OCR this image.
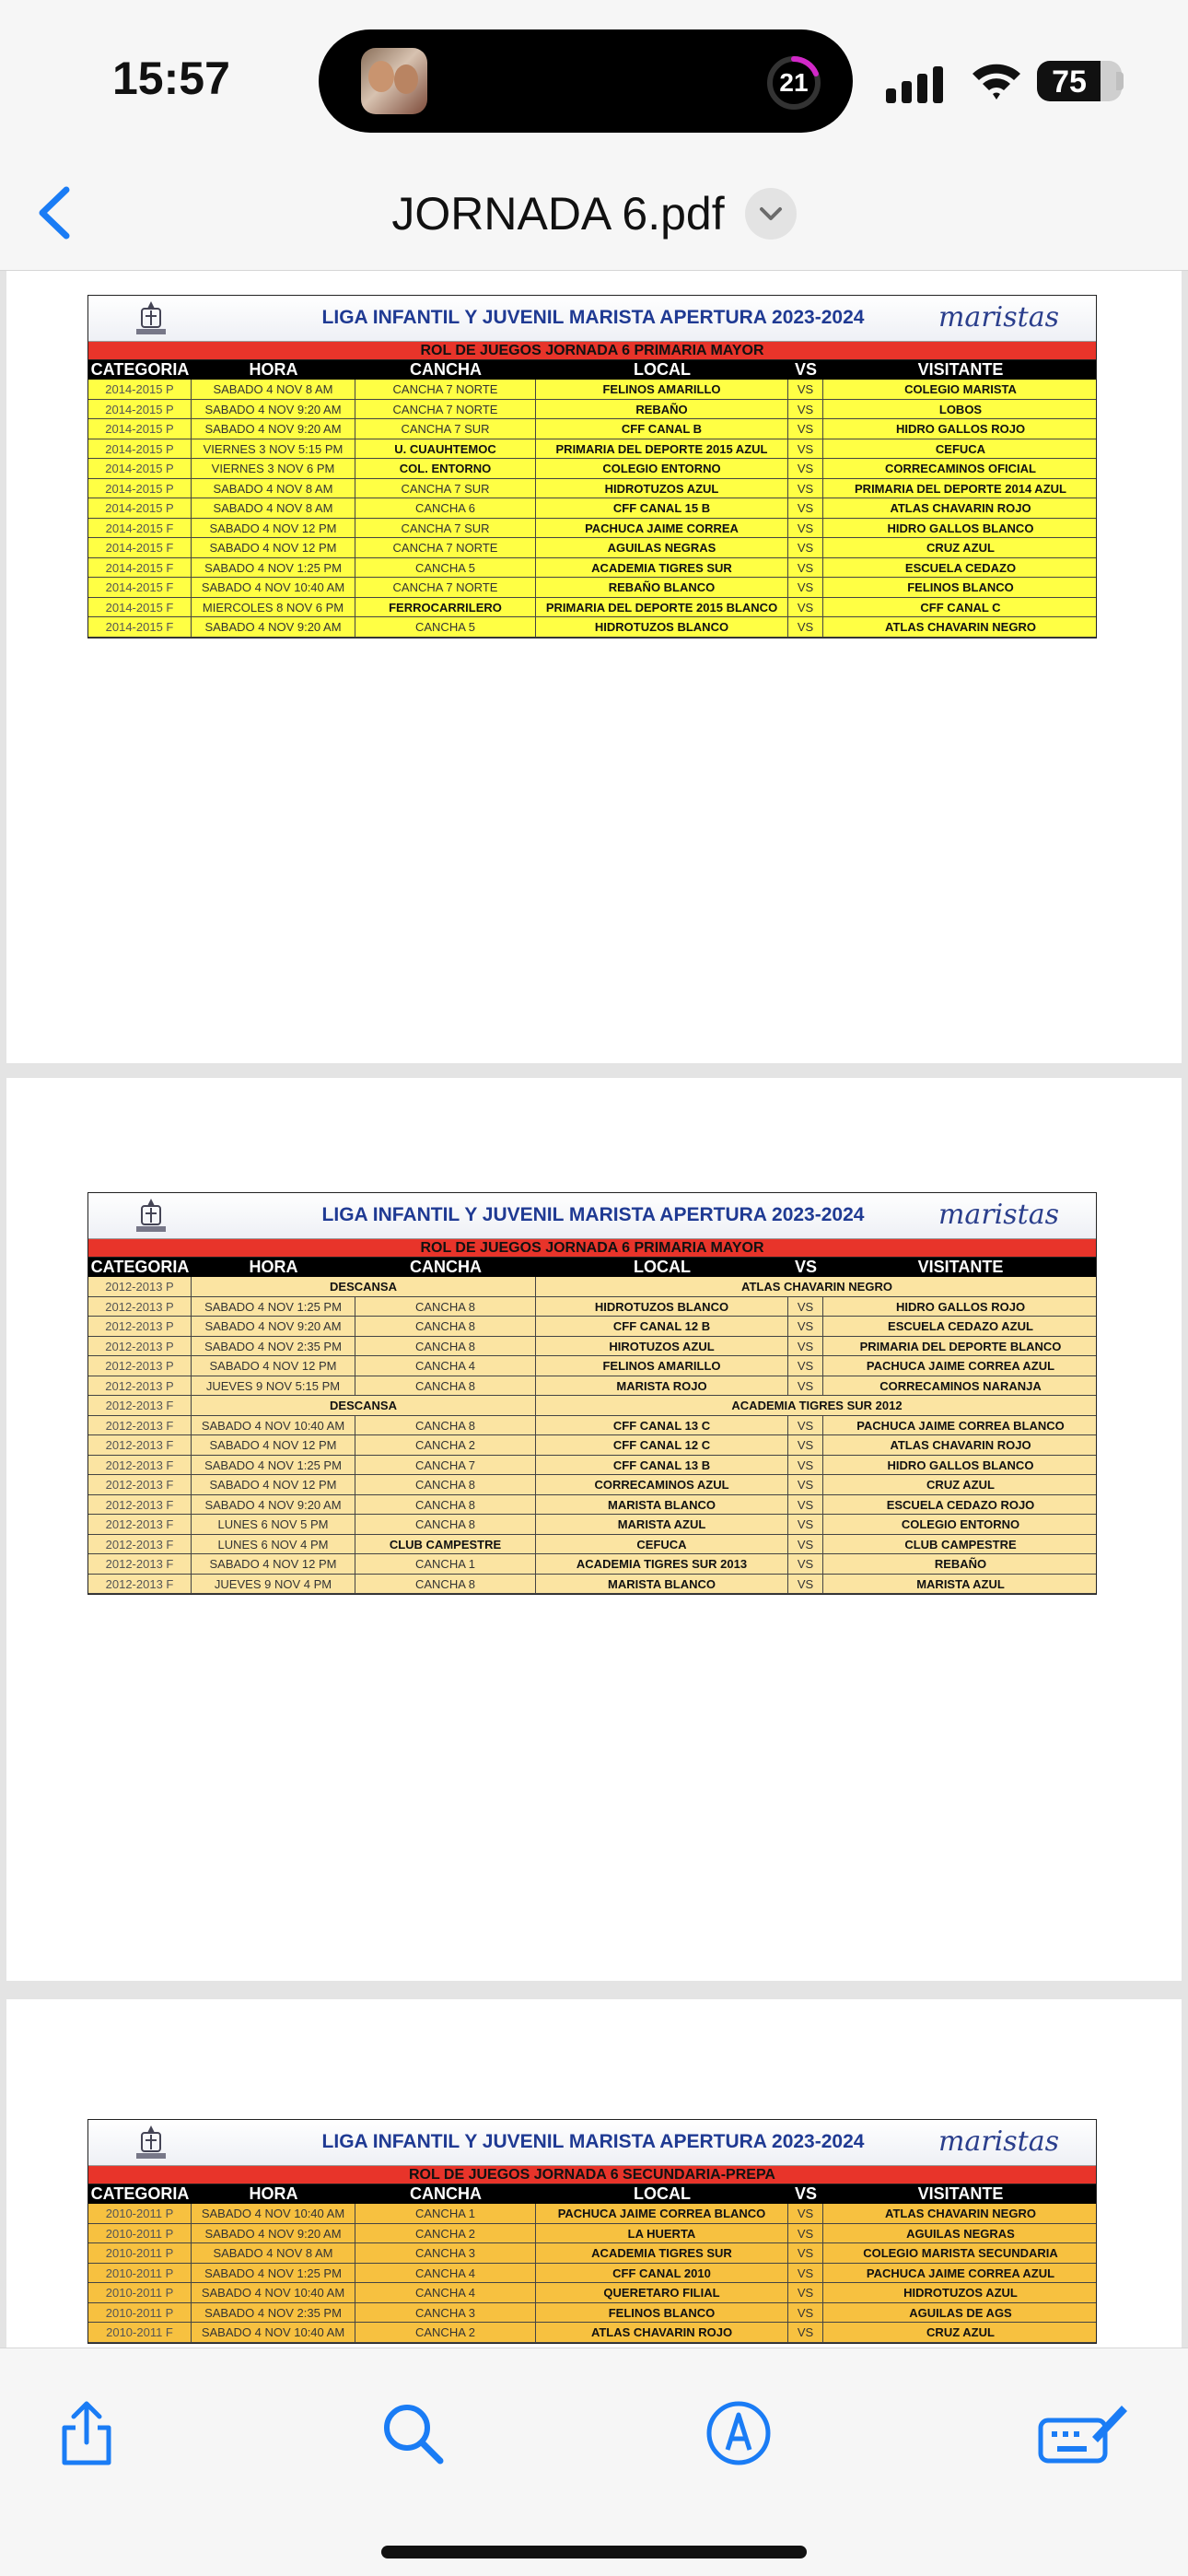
15:57	21	75
JORNADA 6.pdf
LIGA INFANTIL Y JUVENIL MARISTA APERTURA 2023-2024	maristas
ROL DE JUEGOS JORNADA 6 PRIMARIA MAYOR
CATEGORIA	HORA	CANCHA	LOCAL	VS	VISITANTE
2014-2015 P	SABADO 4 NOV 8 AM	CANCHA 7 NORTE	FELINOS AMARILLO	VS	COLEGIO MARISTA
2014-2015 P	SABADO 4 NOV 9:20 AM	CANCHA 7 NORTE	REBAÑO	VS	LOBOS
2014-2015 P	SABADO 4 NOV 9:20 AM	CANCHA 7 SUR	CFF CANAL B	VS	HIDRO GALLOS ROJO
2014-2015 P	VIERNES 3 NOV 5:15 PM	U. CUAUHTEMOC	PRIMARIA DEL DEPORTE 2015 AZUL	VS	CEFUCA
2014-2015 P	VIERNES 3 NOV 6 PM	COL. ENTORNO	COLEGIO ENTORNO	VS	CORRECAMINOS OFICIAL
2014-2015 P	SABADO 4 NOV 8 AM	CANCHA 7 SUR	HIDROTUZOS AZUL	VS	PRIMARIA DEL DEPORTE 2014 AZUL
2014-2015 P	SABADO 4 NOV 8 AM	CANCHA 6	CFF CANAL 15 B	VS	ATLAS CHAVARIN ROJO
2014-2015 F	SABADO 4 NOV 12 PM	CANCHA 7 SUR	PACHUCA JAIME CORREA	VS	HIDRO GALLOS BLANCO
2014-2015 F	SABADO 4 NOV 12 PM	CANCHA 7 NORTE	AGUILAS NEGRAS	VS	CRUZ AZUL
2014-2015 F	SABADO 4 NOV 1:25 PM	CANCHA 5	ACADEMIA TIGRES SUR	VS	ESCUELA CEDAZO
2014-2015 F	SABADO 4 NOV 10:40 AM	CANCHA 7 NORTE	REBAÑO BLANCO	VS	FELINOS BLANCO
2014-2015 F	MIERCOLES 8 NOV 6 PM	FERROCARRILERO	PRIMARIA DEL DEPORTE 2015 BLANCO	VS	CFF CANAL C
2014-2015 F	SABADO 4 NOV 9:20 AM	CANCHA 5	HIDROTUZOS BLANCO	VS	ATLAS CHAVARIN NEGRO
LIGA INFANTIL Y JUVENIL MARISTA APERTURA 2023-2024	maristas
ROL DE JUEGOS JORNADA 6 PRIMARIA MAYOR
CATEGORIA	HORA	CANCHA	LOCAL	VS	VISITANTE
2012-2013 P	DESCANSA	ATLAS CHAVARIN NEGRO
2012-2013 P	SABADO 4 NOV 1:25 PM	CANCHA 8	HIDROTUZOS BLANCO	VS	HIDRO GALLOS ROJO
2012-2013 P	SABADO 4 NOV 9:20 AM	CANCHA 8	CFF CANAL 12 B	VS	ESCUELA CEDAZO AZUL
2012-2013 P	SABADO 4 NOV 2:35 PM	CANCHA 8	HIROTUZOS AZUL	VS	PRIMARIA DEL DEPORTE BLANCO
2012-2013 P	SABADO 4 NOV 12 PM	CANCHA 4	FELINOS AMARILLO	VS	PACHUCA JAIME CORREA AZUL
2012-2013 P	JUEVES 9 NOV 5:15 PM	CANCHA 8	MARISTA ROJO	VS	CORRECAMINOS NARANJA
2012-2013 F	DESCANSA	ACADEMIA TIGRES SUR 2012
2012-2013 F	SABADO 4 NOV 10:40 AM	CANCHA 8	CFF CANAL 13 C	VS	PACHUCA JAIME CORREA BLANCO
2012-2013 F	SABADO 4 NOV 12 PM	CANCHA 2	CFF CANAL 12 C	VS	ATLAS CHAVARIN ROJO
2012-2013 F	SABADO 4 NOV 1:25 PM	CANCHA 7	CFF CANAL 13 B	VS	HIDRO GALLOS BLANCO
2012-2013 F	SABADO 4 NOV 12 PM	CANCHA 8	CORRECAMINOS AZUL	VS	CRUZ AZUL
2012-2013 F	SABADO 4 NOV 9:20 AM	CANCHA 8	MARISTA BLANCO	VS	ESCUELA CEDAZO ROJO
2012-2013 F	LUNES 6 NOV 5 PM	CANCHA 8	MARISTA AZUL	VS	COLEGIO ENTORNO
2012-2013 F	LUNES 6 NOV 4 PM	CLUB CAMPESTRE	CEFUCA	VS	CLUB CAMPESTRE
2012-2013 F	SABADO 4 NOV 12 PM	CANCHA 1	ACADEMIA TIGRES SUR 2013	VS	REBAÑO
2012-2013 F	JUEVES 9 NOV 4 PM	CANCHA 8	MARISTA BLANCO	VS	MARISTA AZUL
LIGA INFANTIL Y JUVENIL MARISTA APERTURA 2023-2024	maristas
ROL DE JUEGOS JORNADA 6 SECUNDARIA-PREPA
CATEGORIA	HORA	CANCHA	LOCAL	VS	VISITANTE
2010-2011 P	SABADO 4 NOV 10:40 AM	CANCHA 1	PACHUCA JAIME CORREA BLANCO	VS	ATLAS CHAVARIN NEGRO
2010-2011 P	SABADO 4 NOV 9:20 AM	CANCHA 2	LA HUERTA	VS	AGUILAS NEGRAS
2010-2011 P	SABADO 4 NOV 8 AM	CANCHA 3	ACADEMIA TIGRES SUR	VS	COLEGIO MARISTA SECUNDARIA
2010-2011 P	SABADO 4 NOV 1:25 PM	CANCHA 4	CFF CANAL 2010	VS	PACHUCA JAIME CORREA AZUL
2010-2011 P	SABADO 4 NOV 10:40 AM	CANCHA 4	QUERETARO FILIAL	VS	HIDROTUZOS AZUL
2010-2011 P	SABADO 4 NOV 2:35 PM	CANCHA 3	FELINOS BLANCO	VS	AGUILAS DE AGS
2010-2011 F	SABADO 4 NOV 10:40 AM	CANCHA 2	ATLAS CHAVARIN ROJO	VS	CRUZ AZUL
